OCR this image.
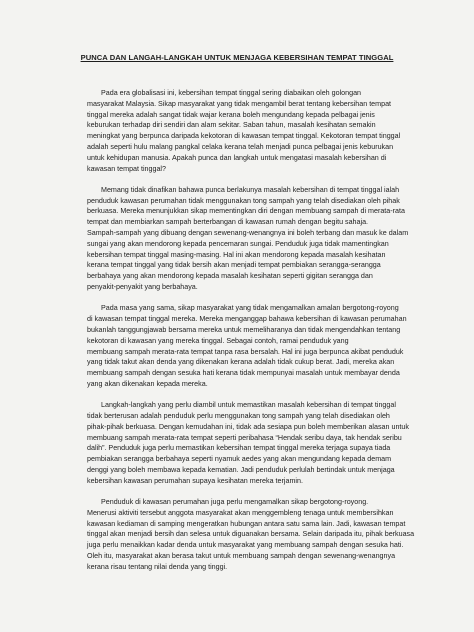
PUNCA DAN LANGAH-LANGKAH UNTUK MENJAGA KEBERSIHAN TEMPAT TINGGAL
Pada era globalisasi ini, kebersihan tempat tinggal sering diabaikan oleh golongan
masyarakat Malaysia. Sikap masyarakat yang tidak mengambil berat tentang kebersihan tempat
tinggal mereka adalah sangat tidak wajar kerana boleh mengundang kepada pelbagai jenis
keburukan terhadap diri sendiri dan alam sekitar. Saban tahun, masalah kesihatan semakin
meningkat yang berpunca daripada kekotoran di kawasan tempat tinggal. Kekotoran tempat tinggal
adalah seperti hulu malang pangkal celaka kerana telah menjadi punca pelbagai jenis keburukan
untuk kehidupan manusia. Apakah punca dan langkah untuk mengatasi masalah kebersihan di
kawasan tempat tinggal?
Memang tidak dinafikan bahawa punca berlakunya masalah kebersihan di tempat tinggal ialah
penduduk kawasan perumahan tidak menggunakan tong sampah yang telah disediakan oleh pihak
berkuasa. Mereka menunjukkan sikap mementingkan diri dengan membuang sampah di merata-rata
tempat dan membiarkan sampah berterbangan di kawasan rumah dengan begitu sahaja.
Sampah-sampah yang dibuang dengan sewenang-wenangnya ini boleh terbang dan masuk ke dalam
sungai yang akan mendorong kepada pencemaran sungai. Penduduk juga tidak mamentingkan
kebersihan tempat tinggal masing-masing. Hal ini akan mendorong kepada masalah kesihatan
kerana tempat tinggal yang tidak bersih akan menjadi tempat pembiakan serangga-serangga
berbahaya yang akan mendorong kepada masalah kesihatan seperti gigitan serangga dan
penyakit-penyakit yang berbahaya.
Pada masa yang sama, sikap masyarakat yang tidak mengamalkan amalan bergotong-royong
di kawasan tempat tinggal mereka. Mereka menganggap bahawa kebersihan di kawasan perumahan
bukanlah tanggungjawab bersama mereka untuk memeliharanya dan tidak mengendahkan tentang
kekotoran di kawasan yang mereka tinggal. Sebagai contoh, ramai penduduk yang
membuang sampah merata-rata tempat tanpa rasa bersalah. Hal ini juga berpunca akibat penduduk
yang tidak takut akan denda yang dikenakan kerana adalah tidak cukup berat. Jadi, mereka akan
membuang sampah dengan sesuka hati kerana tidak mempunyai masalah untuk membayar denda
yang akan dikenakan kepada mereka.
Langkah-langkah yang perlu diambil untuk memastikan masalah kebersihan di tempat tinggal
tidak berterusan adalah penduduk perlu menggunakan tong sampah yang telah disediakan oleh
pihak-pihak berkuasa. Dengan kemudahan ini, tidak ada sesiapa pun boleh memberikan alasan untuk
membuang sampah merata-rata tempat seperti peribahasa “Hendak seribu daya, tak hendak seribu
dalih”. Penduduk juga perlu memastikan kebersihan tempat tinggal mereka terjaga supaya tiada
pembiakan serangga berbahaya seperti nyamuk aedes yang akan mengundang kepada demam
denggi yang boleh membawa kepada kematian. Jadi penduduk perlulah bertindak untuk menjaga
kebersihan kawasan perumahan supaya kesihatan mereka terjamin.
Penduduk di kawasan perumahan juga perlu mengamalkan sikap bergotong-royong.
Menerusi aktiviti tersebut anggota masyarakat akan menggembleng tenaga untuk membersihkan
kawasan kediaman di samping mengeratkan hubungan antara satu sama lain. Jadi, kawasan tempat
tinggal akan menjadi bersih dan selesa untuk diguanakan bersama. Selain daripada itu, pihak berkuasa
juga perlu menaikkan kadar denda untuk masyarakat yang membuang sampah dengan sesuka hati.
Oleh itu, masyarakat akan berasa takut untuk membuang sampah dengan sewenang-wenangnya
kerana risau tentang nilai denda yang tinggi.
